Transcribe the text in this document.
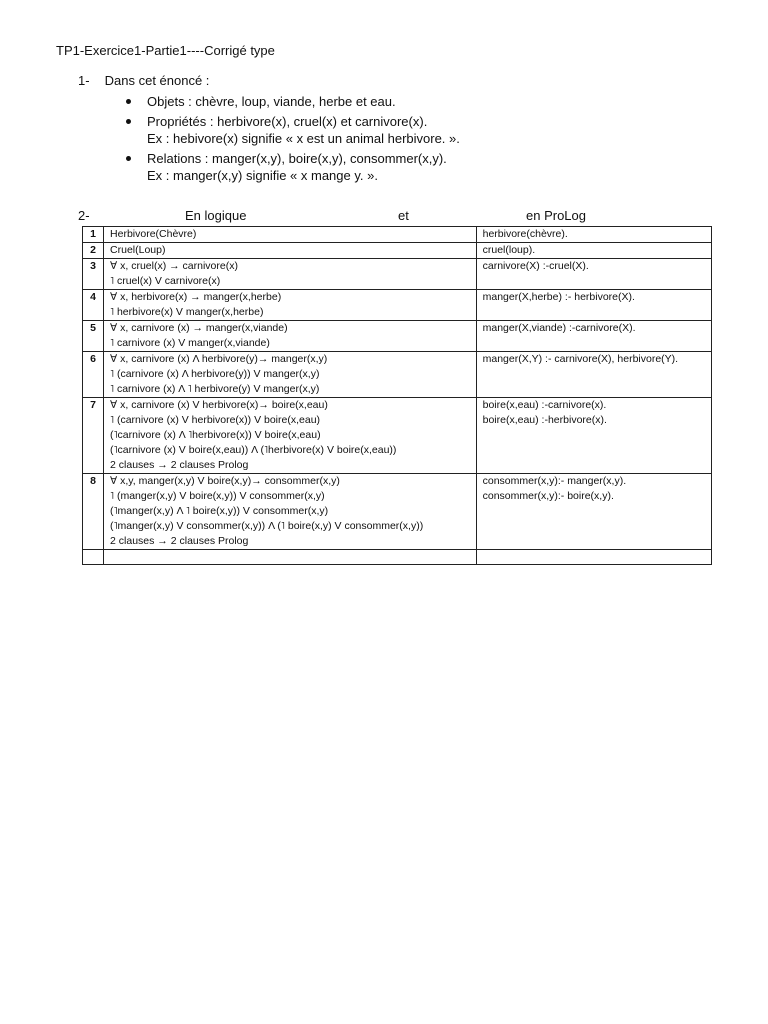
TP1-Exercice1-Partie1----Corrigé type
1- Dans cet énoncé :
Objets : chèvre, loup, viande, herbe et eau.
Propriétés : herbivore(x), cruel(x) et carnivore(x).
Ex : hebivore(x) signifie « x est un animal herbivore. ».
Relations : manger(x,y), boire(x,y), consommer(x,y).
Ex : manger(x,y) signifie « x mange y. ».
2-	En logique	et	en ProLog
1	Herbivore(Chèvre)	herbivore(chèvre).

2	Cruel(Loup)	cruel(loup).

3	∀ x, cruel(x) → carnivore(x)
˥ cruel(x) V carnivore(x)	carnivore(X) :-cruel(X).

4	∀ x, herbivore(x) → manger(x,herbe)
˥ herbivore(x) V manger(x,herbe)	manger(X,herbe) :- herbivore(X).

5	∀ x, carnivore (x) → manger(x,viande)
˥ carnivore (x) V manger(x,viande)	manger(X,viande) :-carnivore(X).

6	∀ x, carnivore (x) Λ herbivore(y)→ manger(x,y)
˥ (carnivore (x) Λ herbivore(y)) V manger(x,y)
˥ carnivore (x) Λ ˥ herbivore(y) V manger(x,y)	manger(X,Y) :- carnivore(X), herbivore(Y).

7	∀ x, carnivore (x) V herbivore(x)→ boire(x,eau)
˥ (carnivore (x) V herbivore(x)) V boire(x,eau)
(˥carnivore (x) Λ ˥herbivore(x)) V boire(x,eau)
(˥carnivore (x) V boire(x,eau)) Λ (˥herbivore(x) V boire(x,eau))
2 clauses → 2 clauses Prolog	boire(x,eau) :-carnivore(x).
boire(x,eau) :-herbivore(x).

8	∀ x,y, manger(x,y) V boire(x,y)→ consommer(x,y)
˥ (manger(x,y) V boire(x,y)) V consommer(x,y)
(˥manger(x,y) Λ ˥ boire(x,y)) V consommer(x,y)
(˥manger(x,y) V consommer(x,y)) Λ (˥ boire(x,y) V consommer(x,y))
2 clauses → 2 clauses Prolog	consommer(x,y):- manger(x,y).
consommer(x,y):- boire(x,y).
